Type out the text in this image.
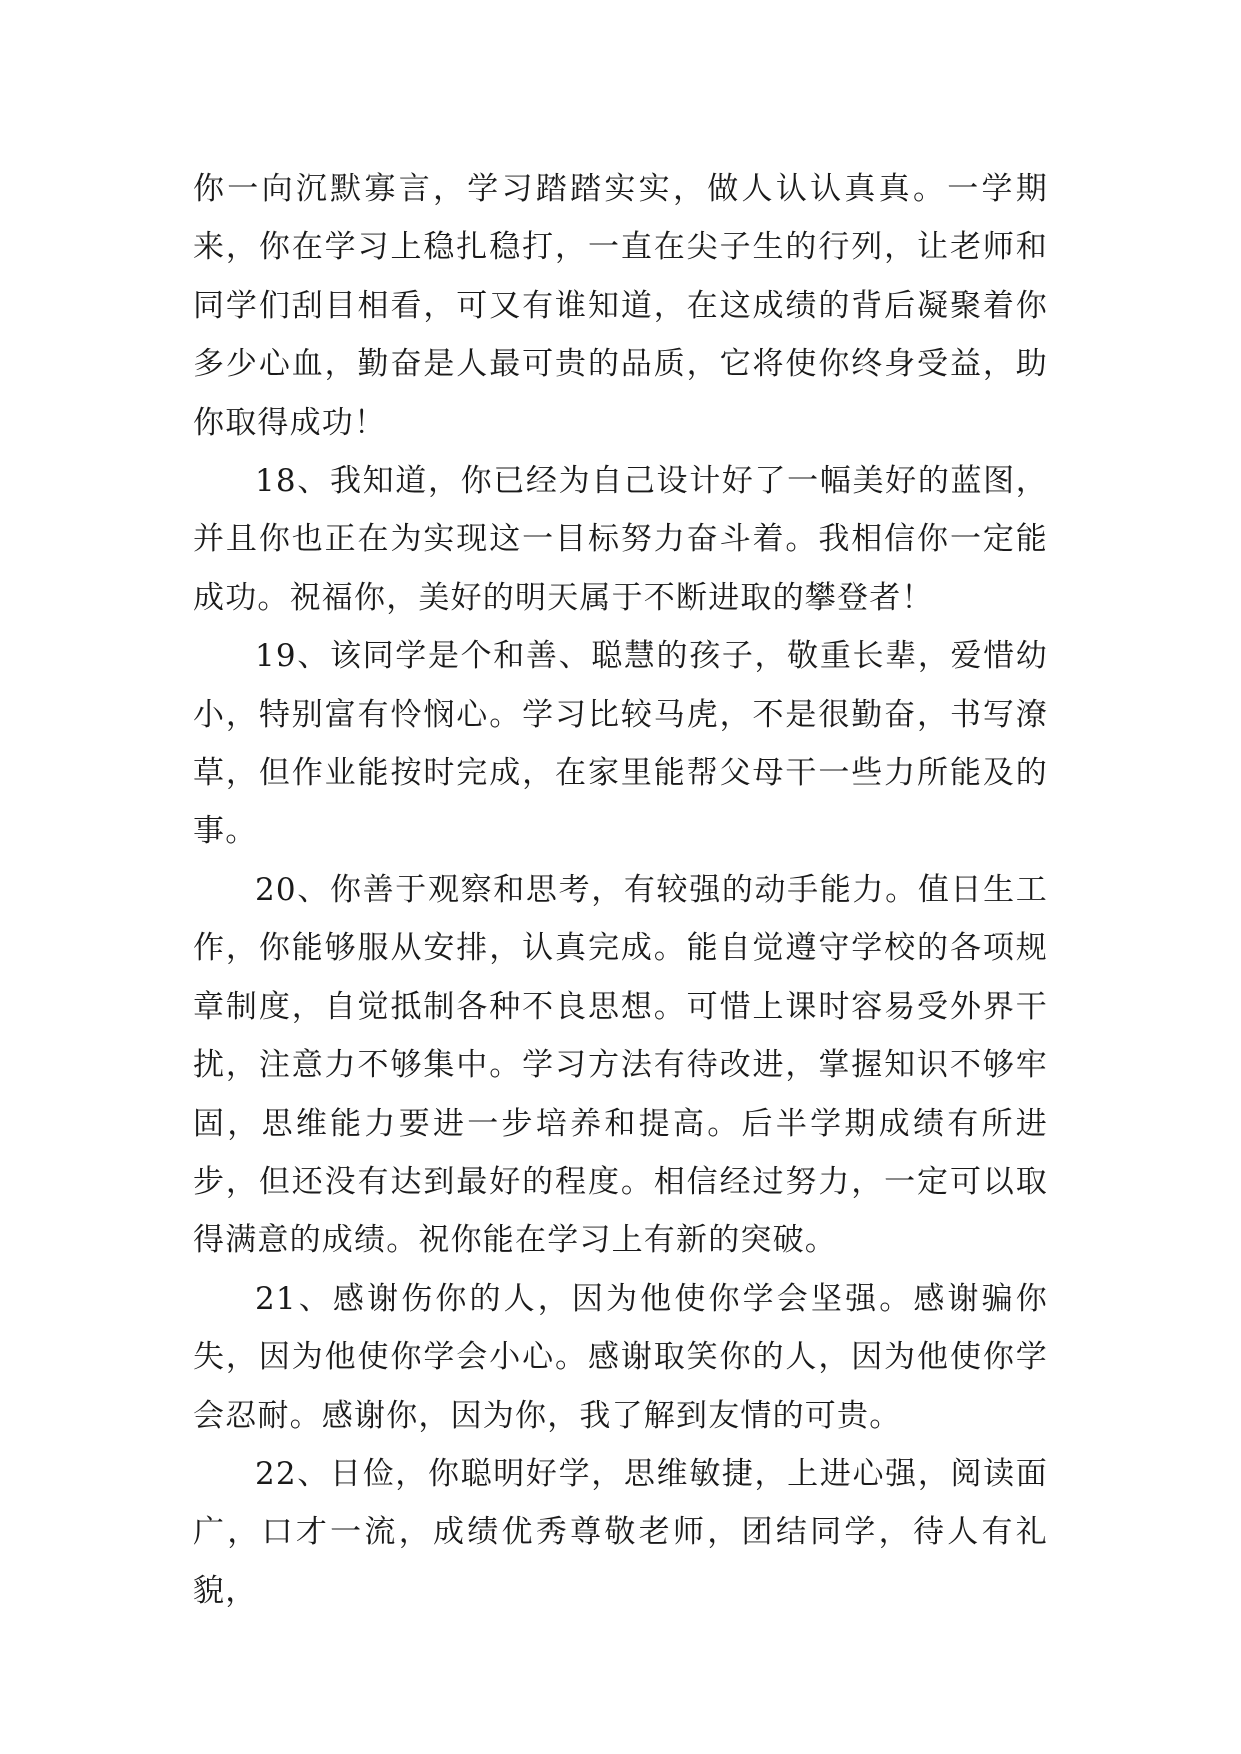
你一向沉默寡言，学习踏踏实实，做人认认真真。一学期来，你在学习上稳扎稳打，一直在尖子生的行列，让老师和同学们刮目相看，可又有谁知道，在这成绩的背后凝聚着你多少心血，勤奋是人最可贵的品质，它将使你终身受益，助你取得成功！

18、我知道，你已经为自己设计好了一幅美好的蓝图，并且你也正在为实现这一目标努力奋斗着。我相信你一定能成功。祝福你，美好的明天属于不断进取的攀登者！

19、该同学是个和善、聪慧的孩子，敬重长辈，爱惜幼小，特别富有怜悯心。学习比较马虎，不是很勤奋，书写潦草，但作业能按时完成，在家里能帮父母干一些力所能及的事。

20、你善于观察和思考，有较强的动手能力。值日生工作，你能够服从安排，认真完成。能自觉遵守学校的各项规章制度，自觉抵制各种不良思想。可惜上课时容易受外界干扰，注意力不够集中。学习方法有待改进，掌握知识不够牢固，思维能力要进一步培养和提高。后半学期成绩有所进步，但还没有达到最好的程度。相信经过努力，一定可以取得满意的成绩。祝你能在学习上有新的突破。

21、感谢伤你的人，因为他使你学会坚强。感谢骗你失，因为他使你学会小心。感谢取笑你的人，因为他使你学会忍耐。感谢你，因为你，我了解到友情的可贵。

22、日俭，你聪明好学，思维敏捷，上进心强，阅读面广，口才一流，成绩优秀尊敬老师，团结同学，待人有礼貌，
